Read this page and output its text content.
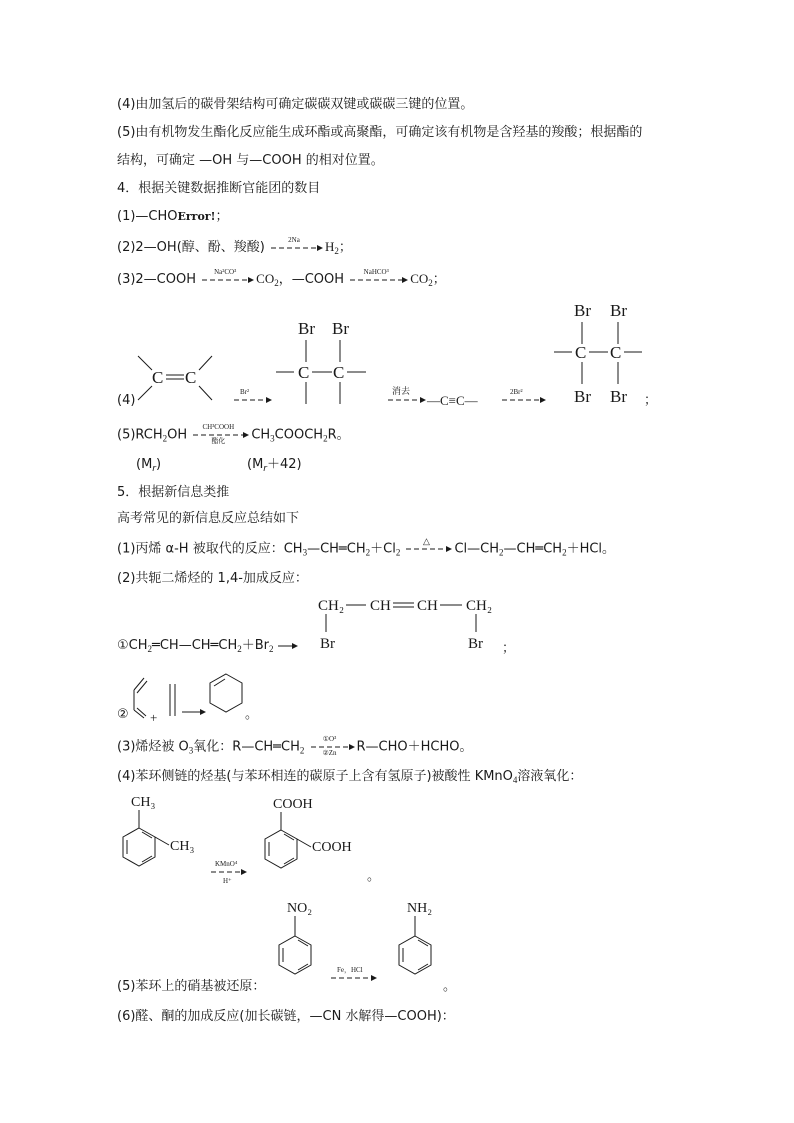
(4)由加氢后的碳骨架结构可确定碳碳双键或碳碳三键的位置。
(5)由有机物发生酯化反应能生成环酯或高聚酯，可确定该有机物是含羟基的羧酸；根据酯的
结构，可确定 —OH 与—COOH 的相对位置。
4．根据关键数据推断官能团的数目
(1)—CHOError!；
(2)2—OH(醇、酚、羧酸)
2Na	$H_2$；
(3)2—COOH
Na²CO³	$CO_2$，—COOH
NaHCO³	$CO_2$；
(4)
C C
Br²
Br Br
C C
消去
—C≡C—
2Br²
Br Br
C C
Br Br ；
$(5)RCH_2OH$
CH³COOH
酯化	$CH_3COOCH_2R$。
$(M_r)$	$(M_r+42)$
5．根据新信息类推
高考常见的新信息反应总结如下
(1)丙烯 α-H 被取代的反应：$CH_3—CH═CH_2+Cl_2$
△
$Cl—CH_2—CH═CH_2+HCl$。
(2)共轭二烯烃的 1,4-加成反应：
CH₂ CH CH CH₂
Br	Br ；
$①CH_2═CH—CH═CH_2+Br_2$
② +	。
(3)烯烃被 $O_3$氧化：$R—CH═CH_2$
①O³
②Zn	R—CHO＋HCHO。
(4)苯环侧链的烃基(与苯环相连的碳原子上含有氢原子)被酸性 KMnO$_4$溶液氧化：
CH₃
CH₃
KMnO⁴
H⁺
COOH
COOH
。
(5)苯环上的硝基被还原：
NO₂
Fe，HCl
NH₂
。
(6)醛、酮的加成反应(加长碳链，—CN 水解得—COOH)：
